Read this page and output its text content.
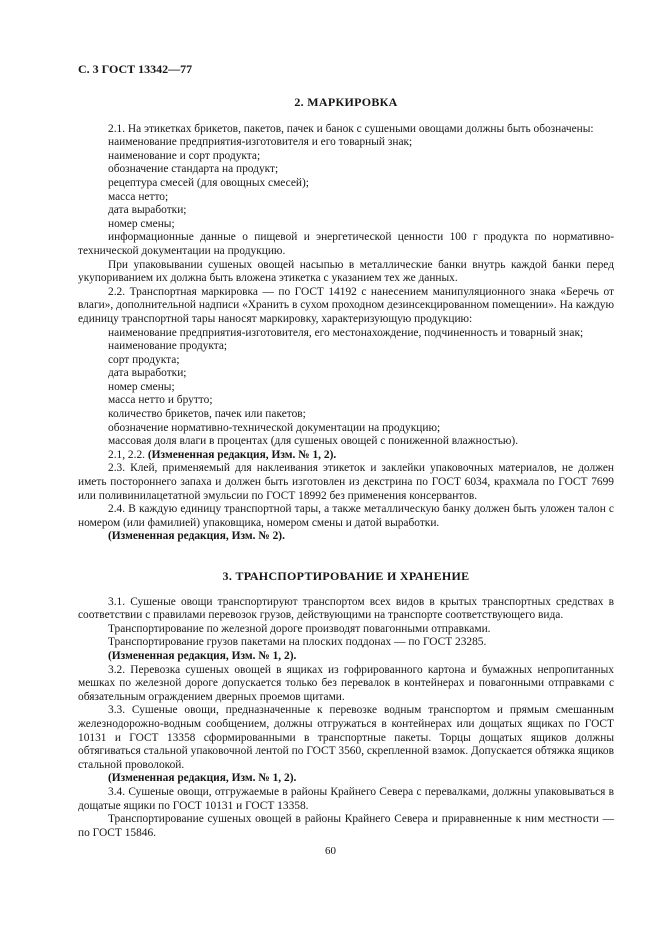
С. 3 ГОСТ 13342—77
2. МАРКИРОВКА

2.1. На этикетках брикетов, пакетов, пачек и банок с сушеными овощами должны быть обозначены:

наименование предприятия-изготовителя и его товарный знак;

наименование и сорт продукта;

обозначение стандарта на продукт;

рецептура смесей (для овощных смесей);

масса нетто;

дата выработки;

номер смены;

информационные данные о пищевой и энергетической ценности 100 г продукта по нормативно-технической документации на продукцию.

При упаковывании сушеных овощей насыпью в металлические банки внутрь каждой банки перед укупориванием их должна быть вложена этикетка с указанием тех же данных.

2.2. Транспортная маркировка — по ГОСТ 14192 с нанесением манипуляционного знака «Беречь от влаги», дополнительной надписи «Хранить в сухом проходном дезинсекцированном помещении». На каждую единицу транспортной тары наносят маркировку, характеризующую продукцию:

наименование предприятия-изготовителя, его местонахождение, подчиненность и товарный знак;

наименование продукта;

сорт продукта;

дата выработки;

номер смены;

масса нетто и брутто;

количество брикетов, пачек или пакетов;

обозначение нормативно-технической документации на продукцию;

массовая доля влаги в процентах (для сушеных овощей с пониженной влажностью).

2.1, 2.2. (Измененная редакция, Изм. № 1, 2).

2.3. Клей, применяемый для наклеивания этикеток и заклейки упаковочных материалов, не должен иметь постороннего запаха и должен быть изготовлен из декстрина по ГОСТ 6034, крахмала по ГОСТ 7699 или поливинилацетатной эмульсии по ГОСТ 18992 без применения консервантов.

2.4. В каждую единицу транспортной тары, а также металлическую банку должен быть уложен талон с номером (или фамилией) упаковщика, номером смены и датой выработки.

(Измененная редакция, Изм. № 2).

3. ТРАНСПОРТИРОВАНИЕ И ХРАНЕНИЕ

3.1. Сушеные овощи транспортируют транспортом всех видов в крытых транспортных средствах в соответствии с правилами перевозок грузов, действующими на транспорте соответствующего вида.

Транспортирование по железной дороге производят повагонными отправками.

Транспортирование грузов пакетами на плоских поддонах — по ГОСТ 23285.

(Измененная редакция, Изм. № 1, 2).

3.2. Перевозка сушеных овощей в ящиках из гофрированного картона и бумажных непропитанных мешках по железной дороге допускается только без перевалок в контейнерах и повагонными отправками с обязательным ограждением дверных проемов щитами.

3.3. Сушеные овощи, предназначенные к перевозке водным транспортом и прямым смешанным железнодорожно-водным сообщением, должны отгружаться в контейнерах или дощатых ящиках по ГОСТ 10131 и ГОСТ 13358 сформированными в транспортные пакеты. Торцы дощатых ящиков должны обтягиваться стальной упаковочной лентой по ГОСТ 3560, скрепленной взамок. Допускается обтяжка ящиков стальной проволокой.

(Измененная редакция, Изм. № 1, 2).

3.4. Сушеные овощи, отгружаемые в районы Крайнего Севера с перевалками, должны упаковываться в дощатые ящики по ГОСТ 10131 и ГОСТ 13358.

Транспортирование сушеных овощей в районы Крайнего Севера и приравненные к ним местности — по ГОСТ 15846.

60
